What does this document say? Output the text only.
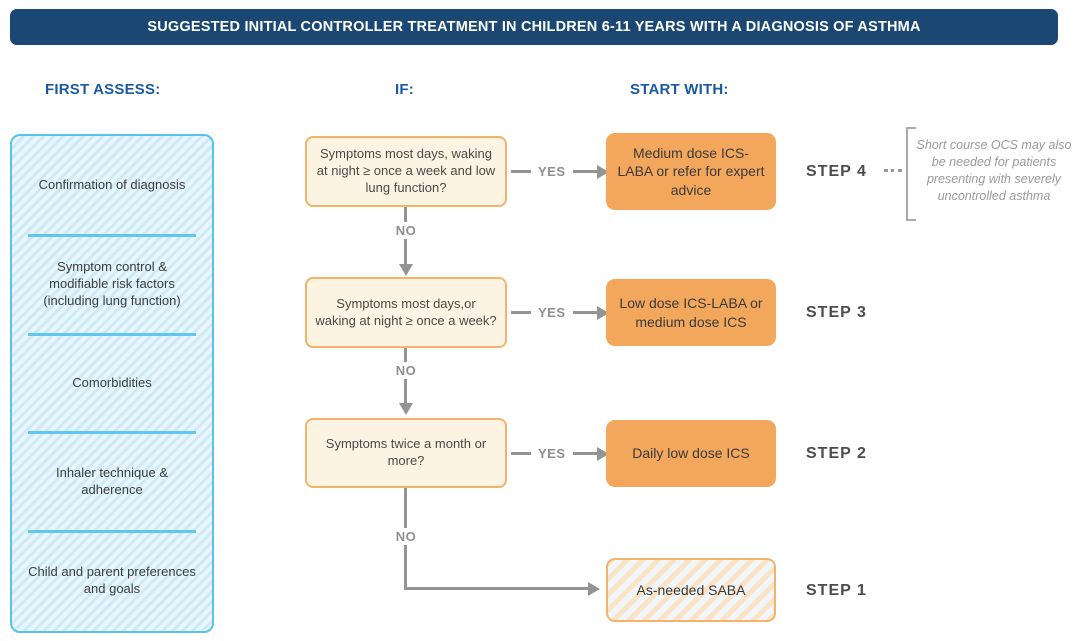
SUGGESTED INITIAL CONTROLLER TREATMENT IN CHILDREN 6-11 YEARS WITH A DIAGNOSIS OF ASTHMA
FIRST ASSESS:	IF:	START WITH:
Confirmation of diagnosis
Symptom control & modifiable risk factors (including lung function)
Comorbidities
Inhaler technique & adherence
Child and parent preferences and goals
Symptoms most days, waking at night ≥ once a week and low lung function?
Symptoms most days,or waking at night ≥ once a week?
Symptoms twice a month or more?
YES
YES
YES
NO
NO
NO
Medium dose ICS-LABA or refer for expert advice
Low dose ICS-LABA or medium dose ICS
Daily low dose ICS
As-needed SABA
STEP 4
STEP 3
STEP 2
STEP 1
Short course OCS may also be needed for patients presenting with severely uncontrolled asthma
